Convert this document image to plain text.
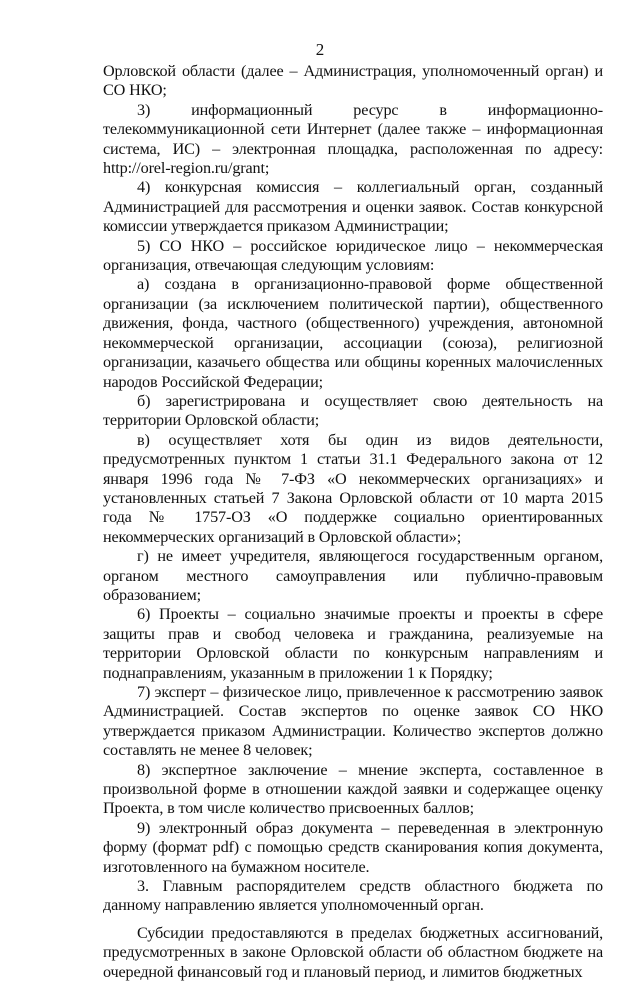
2

Орловской области (далее – Администрация, уполномоченный орган) и СО НКО;

3) информационный ресурс в информационно-телекоммуникационной сети Интернет (далее также – информационная система, ИС) – электронная площадка, расположенная по адресу: http://orel-region.ru/grant;

4) конкурсная комиссия – коллегиальный орган, созданный Администрацией для рассмотрения и оценки заявок. Состав конкурсной комиссии утверждается приказом Администрации;

5) СО НКО – российское юридическое лицо – некоммерческая организация, отвечающая следующим условиям:

а) создана в организационно-правовой форме общественной организации (за исключением политической партии), общественного движения, фонда, частного (общественного) учреждения, автономной некоммерческой организации, ассоциации (союза), религиозной организации, казачьего общества или общины коренных малочисленных народов Российской Федерации;

б) зарегистрирована и осуществляет свою деятельность на территории Орловской области;

в) осуществляет хотя бы один из видов деятельности, предусмотренных пунктом 1 статьи 31.1 Федерального закона от 12 января 1996 года № 7-ФЗ «О некоммерческих организациях» и установленных статьей 7 Закона Орловской области от 10 марта 2015 года № 1757-ОЗ «О поддержке социально ориентированных некоммерческих организаций в Орловской области»;

г) не имеет учредителя, являющегося государственным органом, органом местного самоуправления или публично-правовым образованием;

6) Проекты – социально значимые проекты и проекты в сфере защиты прав и свобод человека и гражданина, реализуемые на территории Орловской области по конкурсным направлениям и поднаправлениям, указанным в приложении 1 к Порядку;

7) эксперт – физическое лицо, привлеченное к рассмотрению заявок Администрацией. Состав экспертов по оценке заявок СО НКО утверждается приказом Администрации. Количество экспертов должно составлять не менее 8 человек;

8) экспертное заключение – мнение эксперта, составленное в произвольной форме в отношении каждой заявки и содержащее оценку Проекта, в том числе количество присвоенных баллов;

9) электронный образ документа – переведенная в электронную форму (формат pdf) с помощью средств сканирования копия документа, изготовленного на бумажном носителе.

3. Главным распорядителем средств областного бюджета по данному направлению является уполномоченный орган.

Субсидии предоставляются в пределах бюджетных ассигнований, предусмотренных в законе Орловской области об областном бюджете на очередной финансовый год и плановый период, и лимитов бюджетных
